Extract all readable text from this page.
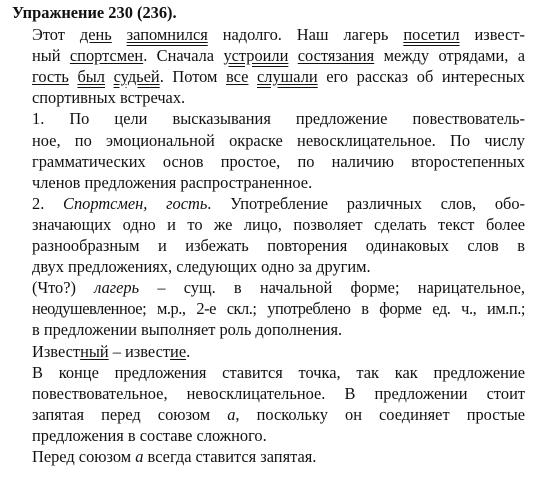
Упражнение 230 (236).
Этот день запомнился надолго. Наш лагерь посетил извест-
ный спортсмен. Сначала устроили состязания между отрядами, а
гость был судьей. Потом все слушали его рассказ об интересных
спортивных встречах.
1. По цели высказывания предложение повествователь-
ное, по эмоциональной окраске невосклицательное. По числу
грамматических основ простое, по наличию второстепенных
членов предложения распространенное.
2. Спортсмен, гость. Употребление различных слов, обо-
значающих одно и то же лицо, позволяет сделать текст более
разнообразным и избежать повторения одинаковых слов в
двух предложениях, следующих одно за другим.
(Что?) лагерь – сущ. в начальной форме; нарицательное,
неодушевленное; м.р., 2-е скл.; употреблено в форме ед. ч., им.п.;
в предложении выполняет роль дополнения.
Известный – известие.
В конце предложения ставится точка, так как предложение
повествовательное, невосклицательное. В предложении стоит
запятая перед союзом а, поскольку он соединяет простые
предложения в составе сложного.
Перед союзом а всегда ставится запятая.
